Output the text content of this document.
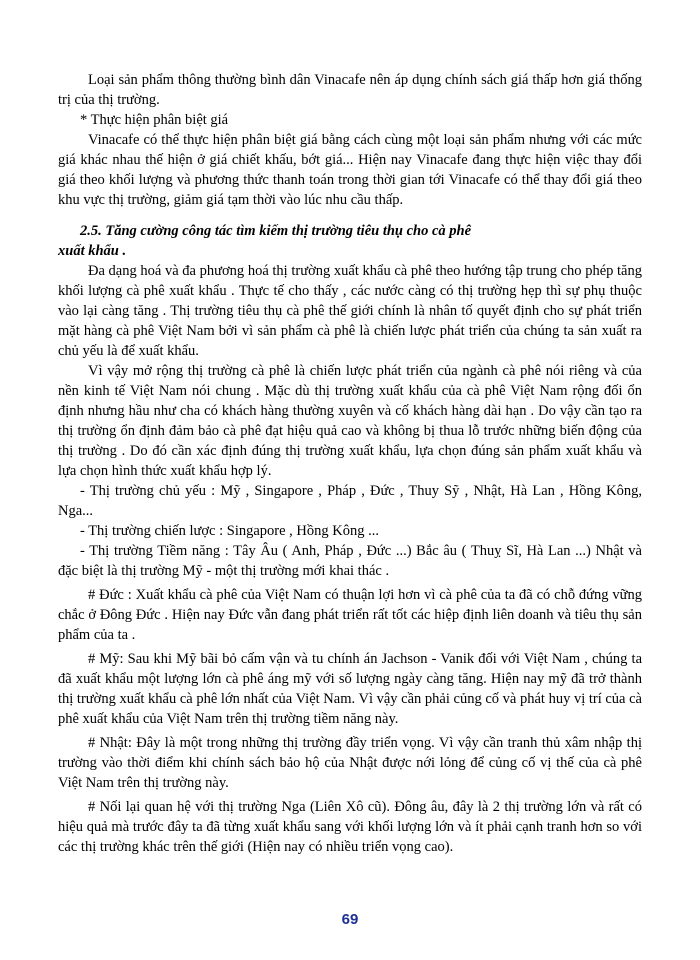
Loại sản phẩm thông thường bình dân Vinacafe nên áp dụng chính sách giá thấp hơn giá thống trị của thị trường.

* Thực hiện phân biệt giá

Vinacafe có thể thực hiện phân biệt giá bằng cách cùng một loại sản phẩm nhưng với các mức giá khác nhau thế hiện ở giá chiết khấu, bớt giá... Hiện nay Vinacafe đang thực hiện việc thay đổi giá theo khối lượng và phương thức thanh toán trong thời gian tới Vinacafe có thể thay đổi giá theo khu vực thị trường, giảm giá tạm thời vào lúc nhu cầu thấp.

2.5. Tăng cường công tác tìm kiếm thị trường tiêu thụ cho cà phê

xuất khẩu .

Đa dạng hoá và đa phương hoá thị trường xuất khẩu cà phê theo hướng tập trung cho phép tăng khối lượng cà phê xuất khẩu . Thực tế cho thấy , các nước càng có thị trường hẹp thì sự phụ thuộc vào lại càng tăng . Thị trường tiêu thụ cà phê thế giới chính là nhân tố quyết định cho sự phát triển mặt hàng cà phê Việt Nam bởi vì sản phẩm cà phê là chiến lược phát triển của chúng ta sản xuất ra chủ yếu là để xuất khẩu.

Vì vậy mở rộng thị trường cà phê là chiến lược phát triển của ngành cà phê nói riêng và của nền kinh tế Việt Nam nói chung . Mặc dù thị trường xuất khẩu của cà phê Việt Nam rộng đối ổn định nhưng hầu như cha có khách hàng thường xuyên và cố khách hàng dài hạn . Do vậy cần tạo ra thị trường ổn định đảm bảo cà phê đạt hiệu quả cao và không bị thua lỗ trước những biến động của thị trường . Do đó cần xác định đúng thị trường xuất khẩu, lựa chọn đúng sản phẩm xuất khẩu và lựa chọn hình thức xuất khẩu hợp lý.

- Thị trường chủ yếu : Mỹ , Singapore , Pháp , Đức , Thuy Sỹ , Nhật, Hà Lan , Hồng Kông, Nga...

- Thị trường chiến lược : Singapore , Hồng Kông ...

- Thị trường Tiềm năng : Tây Âu ( Anh, Pháp , Đức ...) Bắc âu ( Thuỵ Sĩ, Hà Lan ...) Nhật và đặc biệt là thị trường Mỹ - một thị trường mới khai thác .

# Đức : Xuất khẩu cà phê của Việt Nam có thuận lợi hơn vì cà phê của ta đã có chỗ đứng vững chắc ở Đông Đức . Hiện nay Đức vẫn đang phát triển rất tốt các hiệp định liên doanh và tiêu thụ sản phẩm của ta .

# Mỹ: Sau khi Mỹ bãi bỏ cấm vận và tu chính án Jachson - Vanik đối với Việt Nam , chúng ta đã xuất khẩu một lượng lớn cà phê áng mỹ với số lượng ngày càng tăng. Hiện nay mỹ đã trở thành thị trường xuất khẩu cà phê lớn nhất của Việt Nam. Vì vậy cần phải củng cố và phát huy vị trí của cà phê xuất khẩu của Việt Nam trên thị trường tiềm năng này.

# Nhật: Đây là một trong những thị trường đầy triển vọng. Vì vậy cần tranh thủ xâm nhập thị trường vào thời điểm khi chính sách bảo hộ của Nhật được nới lỏng để củng cố vị thế của cà phê Việt Nam trên thị trường này.

# Nối lại quan hệ với thị trường Nga (Liên Xô cũ). Đông âu, đây là 2 thị trường lớn và rất có hiệu quả mà trước đây ta đã từng xuất khẩu sang với khối lượng lớn và ít phải cạnh tranh hơn so với các thị trường khác trên thế giới (Hiện nay có nhiều triển vọng cao).

69
